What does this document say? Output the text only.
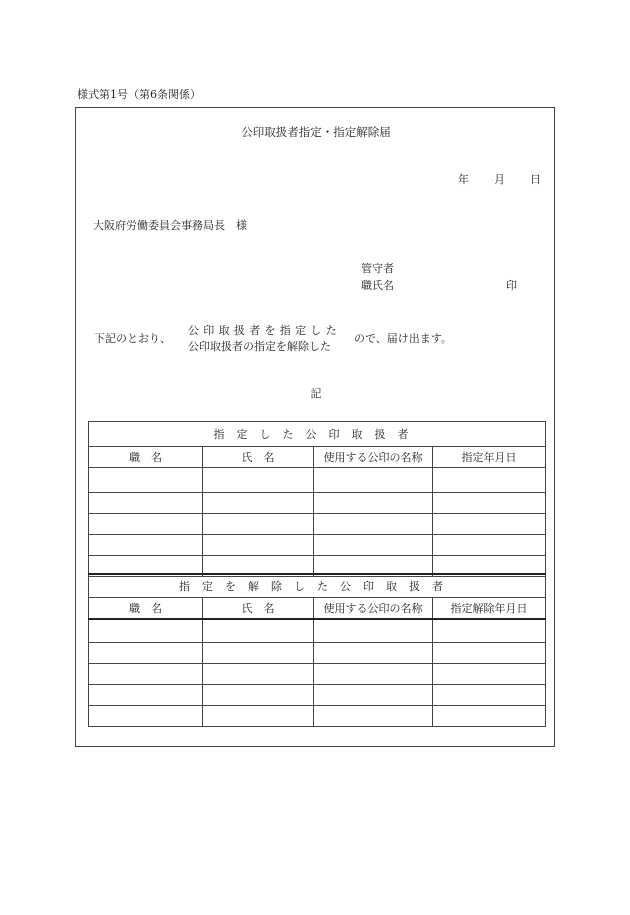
様式第1号（第6条関係）
公印取扱者指定・指定解除届
年 月 日
大阪府労働委員会事務局長　様
管守者
職氏名	印
下記のとおり、
公印取扱者を指定した
公印取扱者の指定を解除した
ので、届け出ます。
記
指定した公印取扱者			
職　名	氏　名	使用する公印の名称	指定年月日

指定を解除した公印取扱者			
職　名	氏　名	使用する公印の名称	指定解除年月日
